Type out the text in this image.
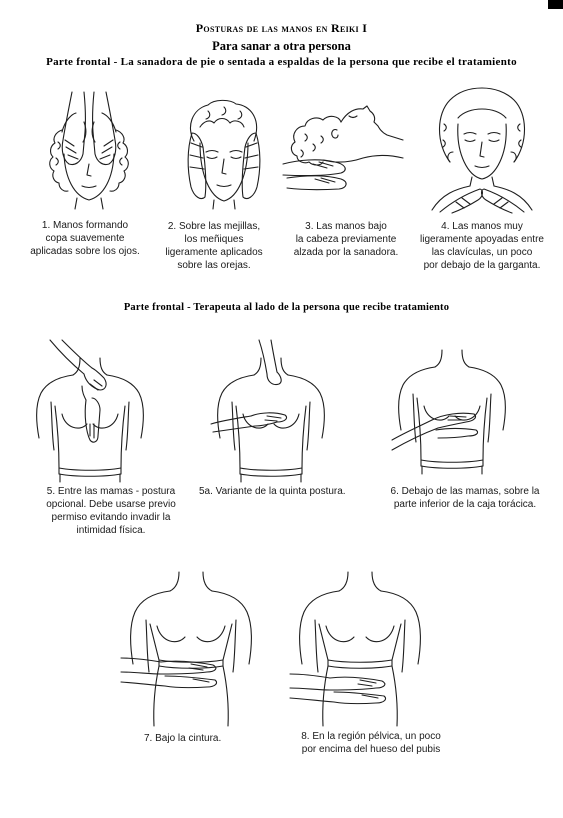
Posturas de las manos en Reiki I
Para sanar a otra persona
Parte frontal - La sanadora de pie o sentada a espaldas de la persona que recibe el tratamiento
1. Manos formando
copa suavemente
aplicadas sobre los ojos.
2. Sobre las mejillas,
los meñiques
ligeramente aplicados
sobre las orejas.
3. Las manos bajo
la cabeza previamente
alzada por la sanadora.
4. Las manos muy
ligeramente apoyadas entre
las clavículas, un poco
por debajo de la garganta.
Parte frontal - Terapeuta al lado de la persona que recibe tratamiento
5. Entre las mamas - postura
opcional. Debe usarse previo
permiso evitando invadir la
intimidad física.
5a. Variante de la quinta postura.	6. Debajo de las mamas, sobre la
parte inferior de la caja torácica.
7. Bajo la cintura.	8. En la región pélvica, un poco
por encima del hueso del pubis
